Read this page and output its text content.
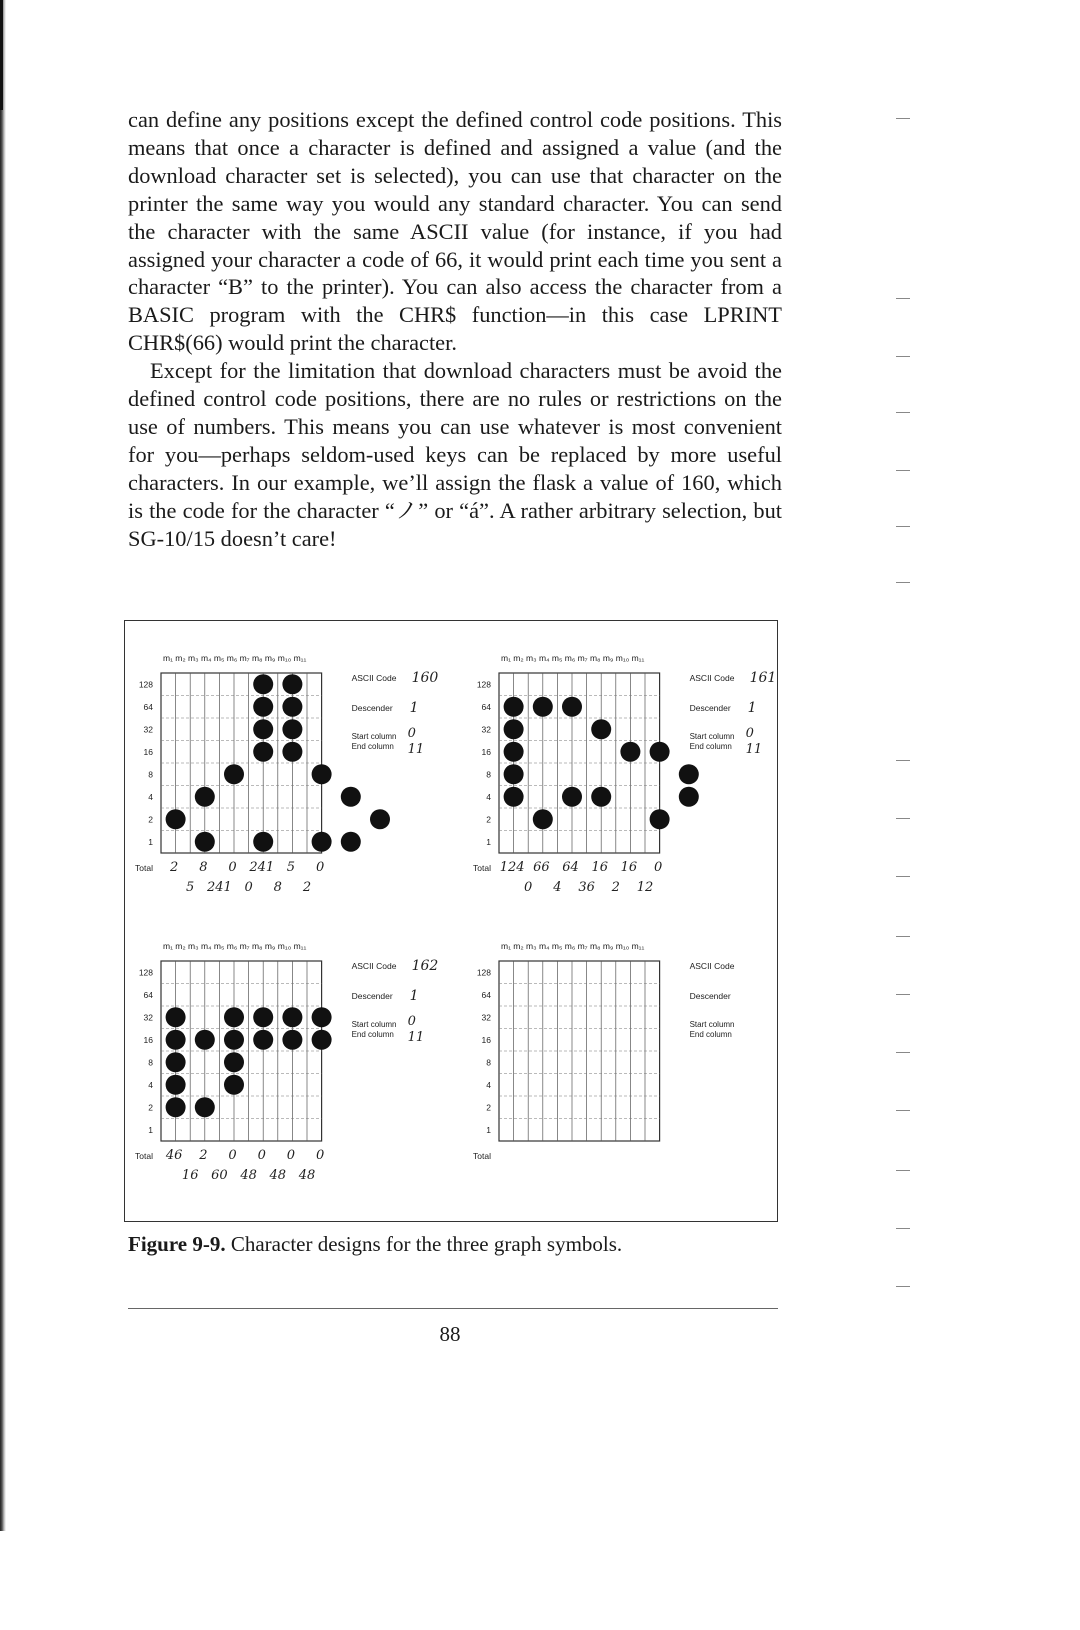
can define any positions except the defined control code positions. This means that once a character is defined and assigned a value (and the download character set is selected), you can use that character on the printer the same way you would any standard character. You can send the character with the same ASCII value (for instance, if you had assigned your character a code of 66, it would print each time you sent a character “B” to the printer). You can also access the character from a BASIC program with the CHR$ function—in this case LPRINT CHR$(66) would print the character.

Except for the limitation that download characters must be avoid the defined control code positions, there are no rules or restrictions on the use of numbers. This means you can use whatever is most convenient for you—perhaps seldom-used keys can be replaced by more useful characters. In our example, we’ll assign the flask a value of 160, which is the code for the character “ノ” or “á”. A rather arbitrary selection, but SG-10/15 doesn’t care!

m₁ m₂ m₃ m₄ m₅ m₆ m₇ m₈ m₉ m₁₀ m₁₁
128
64
32
16
8
4
2
1
Total 2 8 0 241 5 0
5 241 0 8 2
ASCII Code 160
Descender 1
Start column 0
End column 11
m₁ m₂ m₃ m₄ m₅ m₆ m₇ m₈ m₉ m₁₀ m₁₁
128
64
32
16
8
4
2
1
Total 124 66 64 16 16 0
0 4 36 2 12
ASCII Code 161
Descender 1
Start column 0
End column 11
m₁ m₂ m₃ m₄ m₅ m₆ m₇ m₈ m₉ m₁₀ m₁₁
128
64
32
16
8
4
2
1
Total 46 2 0 0 0 0
16 60 48 48 48
ASCII Code 162
Descender 1
Start column 0
End column 11
m₁ m₂ m₃ m₄ m₅ m₆ m₇ m₈ m₉ m₁₀ m₁₁
128
64
32
16
8
4
2
1
Total
ASCII Code
Descender
Start column
End column
Figure 9-9. Character designs for the three graph symbols.
88
